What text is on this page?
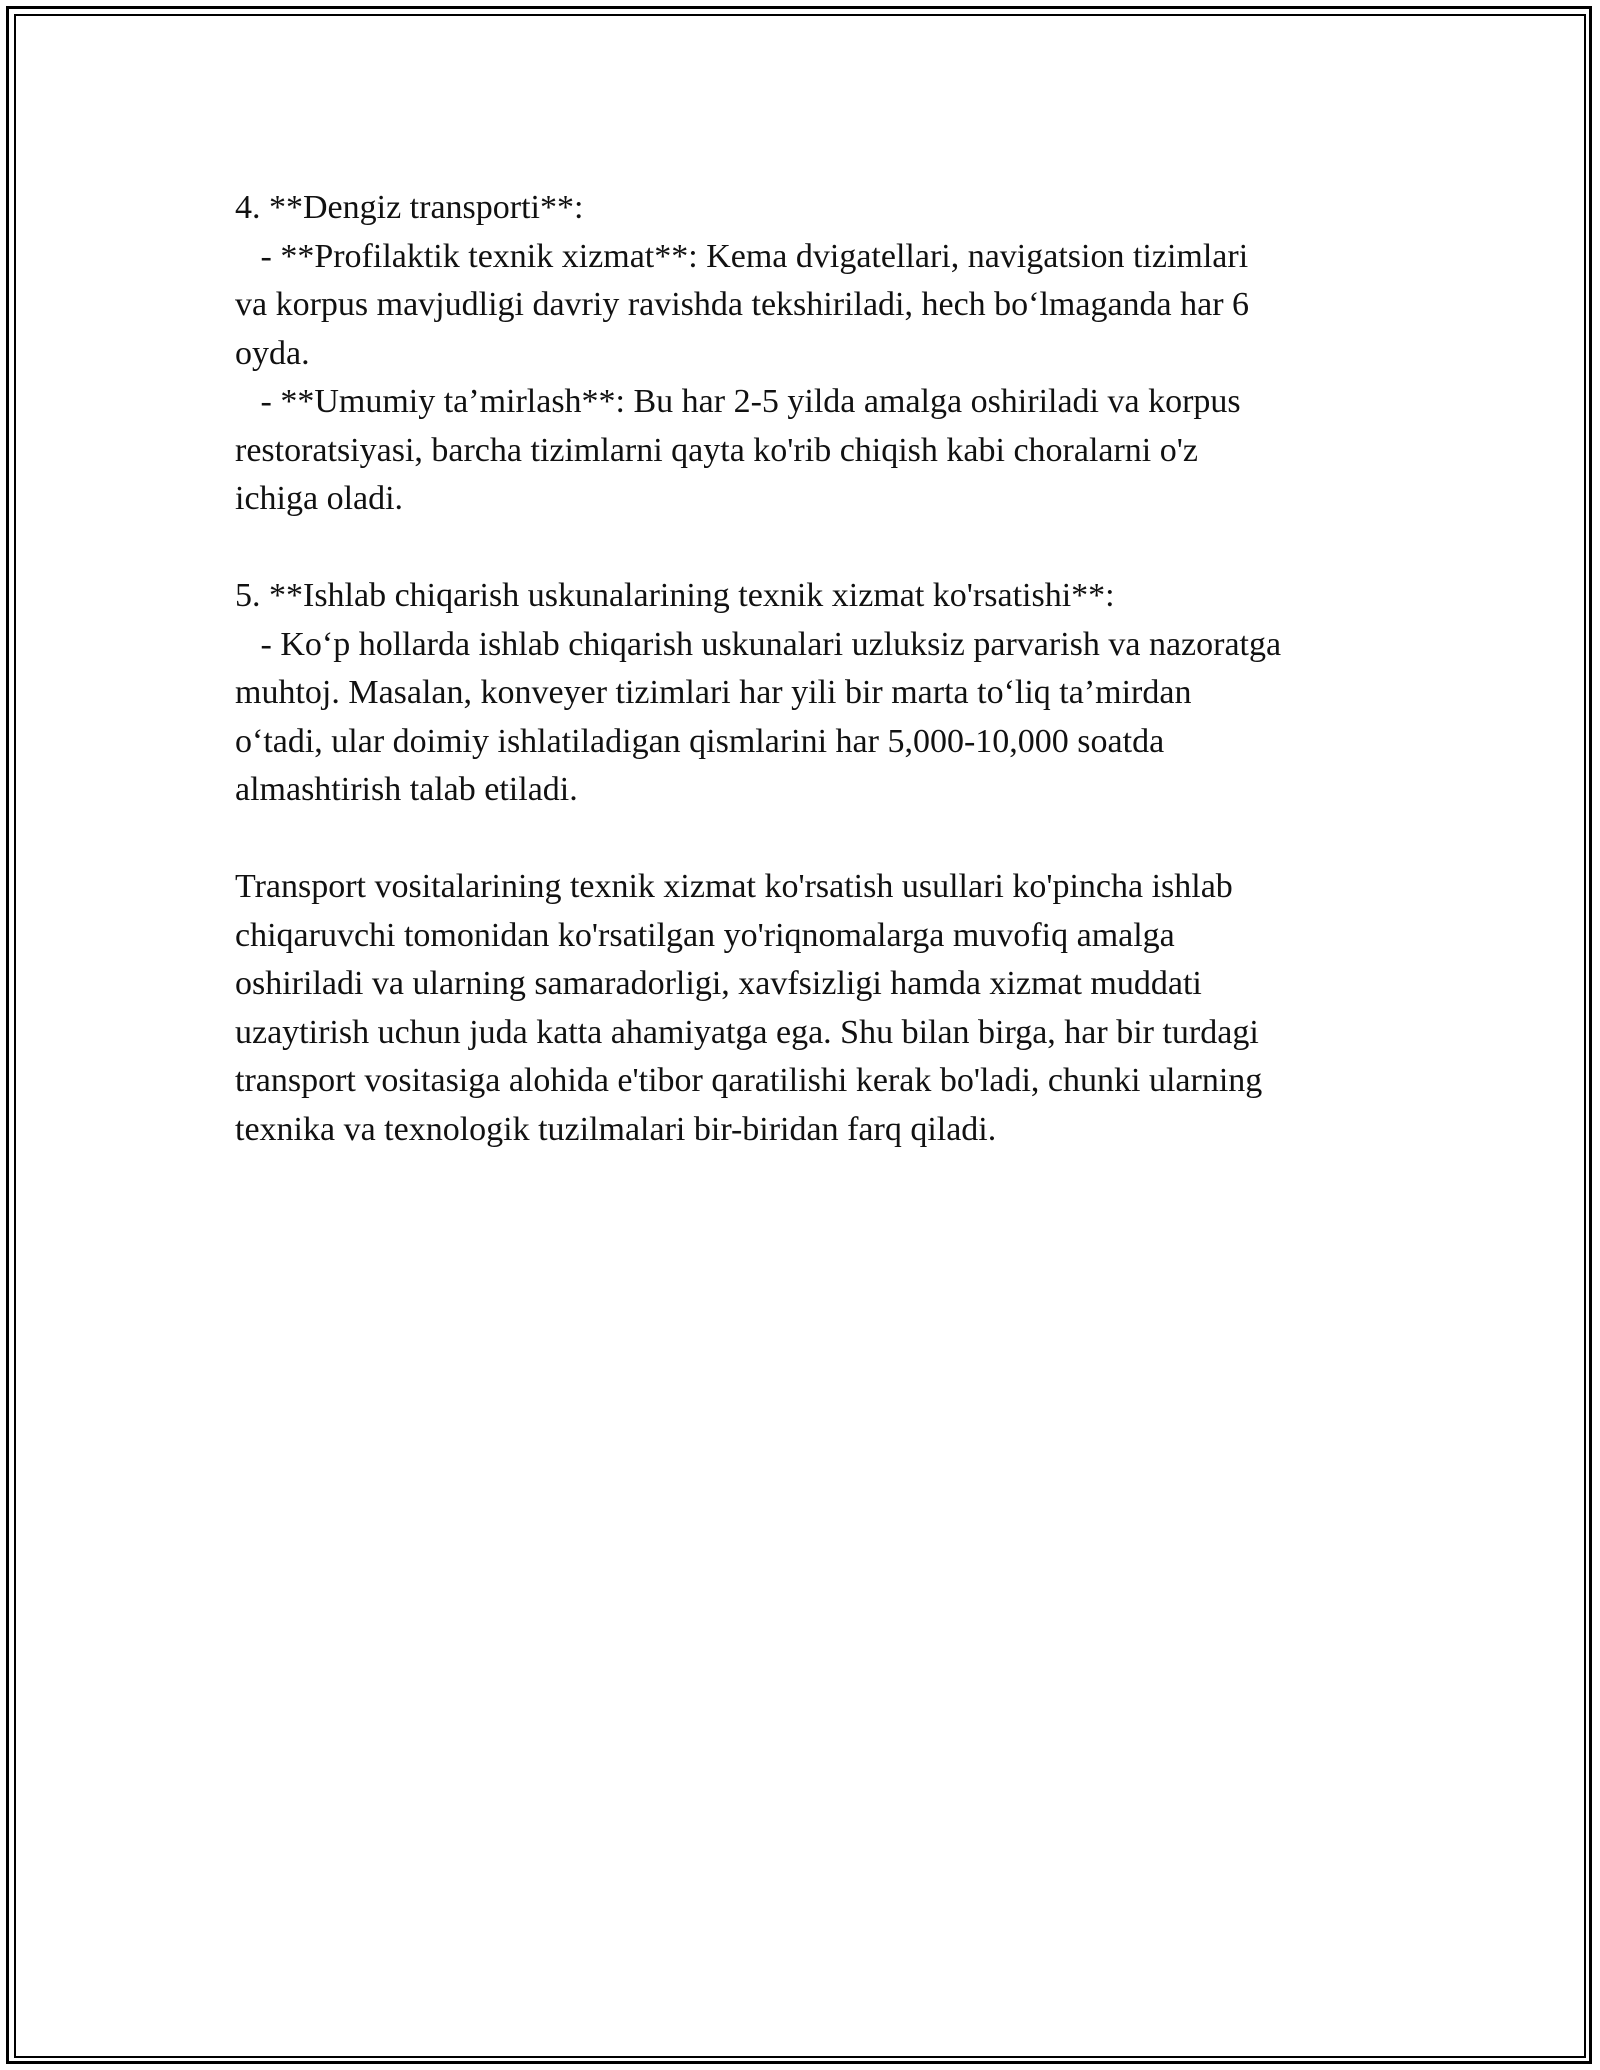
4. **Dengiz transporti**:
- **Profilaktik texnik xizmat**: Kema dvigatellari, navigatsion tizimlari
va korpus mavjudligi davriy ravishda tekshiriladi, hech bo‘lmaganda har 6
oyda.
- **Umumiy ta’mirlash**: Bu har 2-5 yilda amalga oshiriladi va korpus
restoratsiyasi, barcha tizimlarni qayta ko'rib chiqish kabi choralarni o'z
ichiga oladi.
5. **Ishlab chiqarish uskunalarining texnik xizmat ko'rsatishi**:
- Ko‘p hollarda ishlab chiqarish uskunalari uzluksiz parvarish va nazoratga
muhtoj. Masalan, konveyer tizimlari har yili bir marta to‘liq ta’mirdan
o‘tadi, ular doimiy ishlatiladigan qismlarini har 5,000-10,000 soatda
almashtirish talab etiladi.
Transport vositalarining texnik xizmat ko'rsatish usullari ko'pincha ishlab
chiqaruvchi tomonidan ko'rsatilgan yo'riqnomalarga muvofiq amalga
oshiriladi va ularning samaradorligi, xavfsizligi hamda xizmat muddati
uzaytirish uchun juda katta ahamiyatga ega. Shu bilan birga, har bir turdagi
transport vositasiga alohida e'tibor qaratilishi kerak bo'ladi, chunki ularning
texnika va texnologik tuzilmalari bir-biridan farq qiladi.
